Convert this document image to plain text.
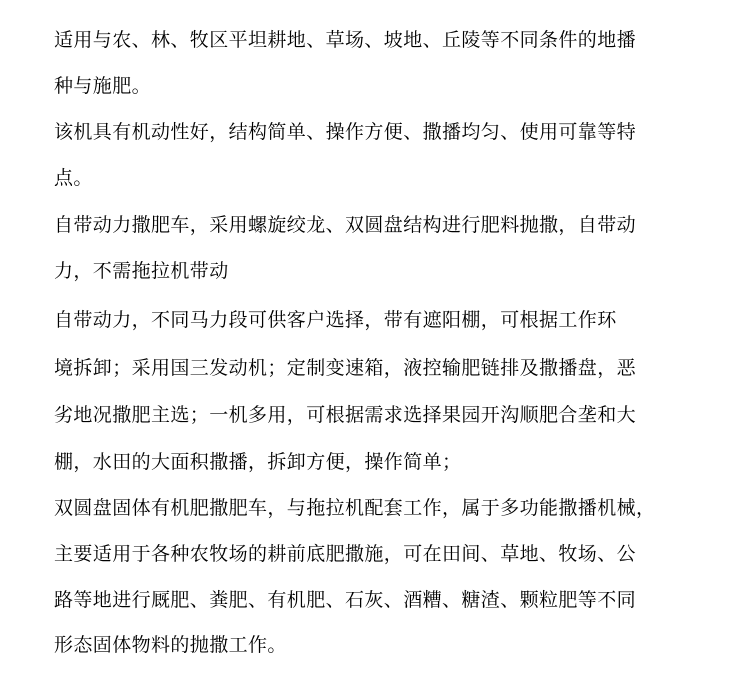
适用与农、林、牧区平坦耕地、草场、坡地、丘陵等不同条件的地播
种与施肥。
该机具有机动性好，结构简单、操作方便、撒播均匀、使用可靠等特
点。
自带动力撒肥车，采用螺旋绞龙、双圆盘结构进行肥料抛撒，自带动
力，不需拖拉机带动
自带动力，不同马力段可供客户选择，带有遮阳棚，可根据工作环
境拆卸；采用国三发动机；定制变速箱，液控输肥链排及撒播盘，恶
劣地况撒肥主选；一机多用，可根据需求选择果园开沟顺肥合垄和大
棚，水田的大面积撒播，拆卸方便，操作简单；
双圆盘固体有机肥撒肥车，与拖拉机配套工作，属于多功能撒播机械，
主要适用于各种农牧场的耕前底肥撒施，可在田间、草地、牧场、公
路等地进行厩肥、粪肥、有机肥、石灰、酒糟、糖渣、颗粒肥等不同
形态固体物料的抛撒工作。
